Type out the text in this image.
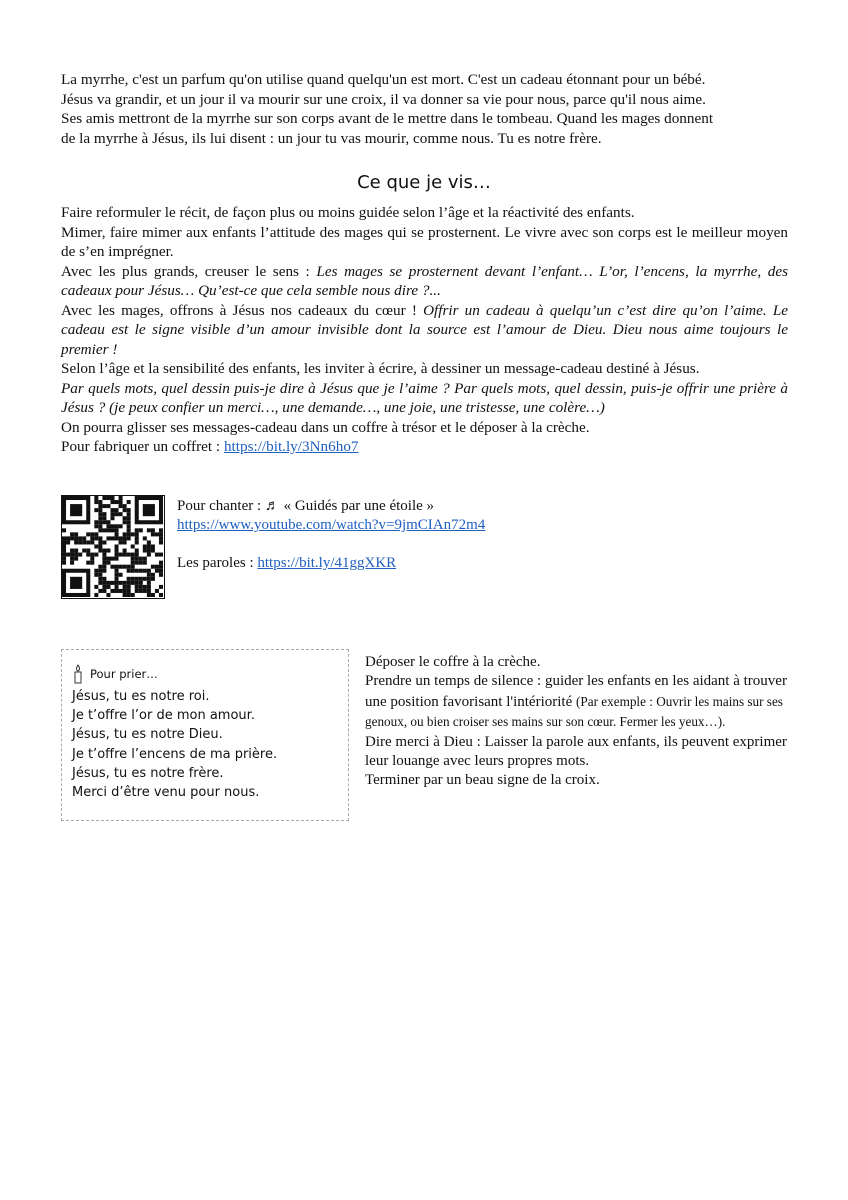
La myrrhe, c'est un parfum qu'on utilise quand quelqu'un est mort. C'est un cadeau étonnant pour un bébé.

Jésus va grandir, et un jour il va mourir sur une croix, il va donner sa vie pour nous, parce qu'il nous aime.

Ses amis mettront de la myrrhe sur son corps avant de le mettre dans le tombeau. Quand les mages donnent

de la myrrhe à Jésus, ils lui disent : un jour tu vas mourir, comme nous. Tu es notre frère.

Ce que je vis…

Faire reformuler le récit, de façon plus ou moins guidée selon l’âge et la réactivité des enfants.

Mimer, faire mimer aux enfants l’attitude des mages qui se prosternent. Le vivre avec son corps est le meilleur moyen de s’en imprégner.

Avec les plus grands, creuser le sens : Les mages se prosternent devant l’enfant… L’or, l’encens, la myrrhe, des cadeaux pour Jésus… Qu’est-ce que cela semble nous dire ?...

Avec les mages, offrons à Jésus nos cadeaux du cœur ! Offrir un cadeau à quelqu’un c’est dire qu’on l’aime. Le cadeau est le signe visible d’un amour invisible dont la source est l’amour de Dieu. Dieu nous aime toujours le premier !

Selon l’âge et la sensibilité des enfants, les inviter à écrire, à dessiner un message-cadeau destiné à Jésus.

Par quels mots, quel dessin puis-je dire à Jésus que je l’aime ? Par quels mots, quel dessin, puis-je offrir une prière à Jésus ? (je peux confier un merci…, une demande…, une joie, une tristesse, une colère…)

On pourra glisser ses messages-cadeau dans un coffre à trésor et le déposer à la crèche.

Pour fabriquer un coffret : https://bit.ly/3Nn6ho7

Pour chanter : ♬ « Guidés par une étoile »
https://www.youtube.com/watch?v=9jmCIAn72m4
Les paroles : https://bit.ly/41ggXKR
Pour prier…
Jésus, tu es notre roi.
Je t’offre l’or de mon amour.
Jésus, tu es notre Dieu.
Je t’offre l’encens de ma prière.
Jésus, tu es notre frère.
Merci d’être venu pour nous.

Déposer le coffre à la crèche.

Prendre un temps de silence : guider les enfants en les aidant à trouver une position favorisant l'intériorité (Par exemple : Ouvrir les mains sur ses genoux, ou bien croiser ses mains sur son cœur. Fermer les yeux…).

Dire merci à Dieu : Laisser la parole aux enfants, ils peuvent exprimer leur louange avec leurs propres mots.

Terminer par un beau signe de la croix.
